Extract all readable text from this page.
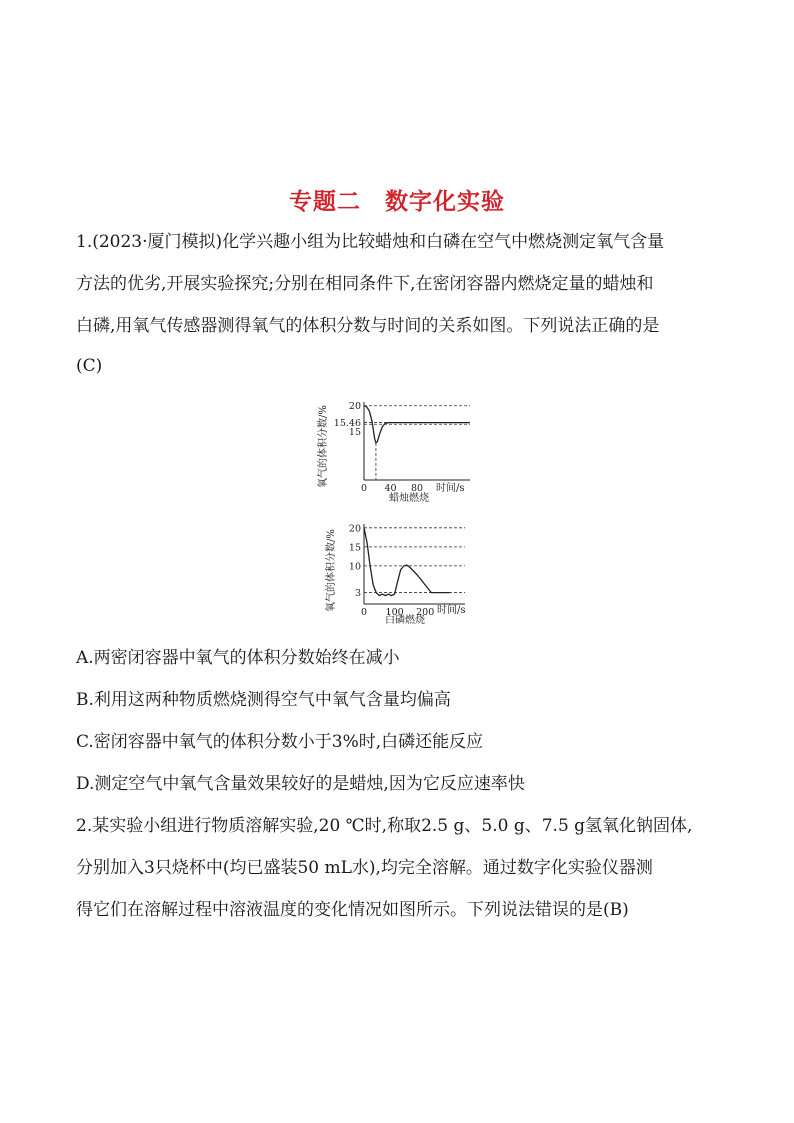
专题二　数字化实验
1.(2023·厦门模拟)化学兴趣小组为比较蜡烛和白磷在空气中燃烧测定氧气含量
方法的优劣,开展实验探究;分别在相同条件下,在密闭容器内燃烧定量的蜡烛和
白磷,用氧气传感器测得氧气的体积分数与时间的关系如图。下列说法正确的是
(C)
20
15.46
15
0 40 80
氧气的体积分数/%
时间/s
蜡烛燃烧
20
15
10
3
0 100 200
氧气的体积分数/%	时间/s
白磷燃烧
A.两密闭容器中氧气的体积分数始终在减小
B.利用这两种物质燃烧测得空气中氧气含量均偏高
C.密闭容器中氧气的体积分数小于3%时,白磷还能反应
D.测定空气中氧气含量效果较好的是蜡烛,因为它反应速率快
2.某实验小组进行物质溶解实验,20 ℃时,称取2.5 g、5.0 g、7.5 g氢氧化钠固体,
分别加入3只烧杯中(均已盛装50 mL水),均完全溶解。通过数字化实验仪器测
得它们在溶解过程中溶液温度的变化情况如图所示。下列说法错误的是(B)
